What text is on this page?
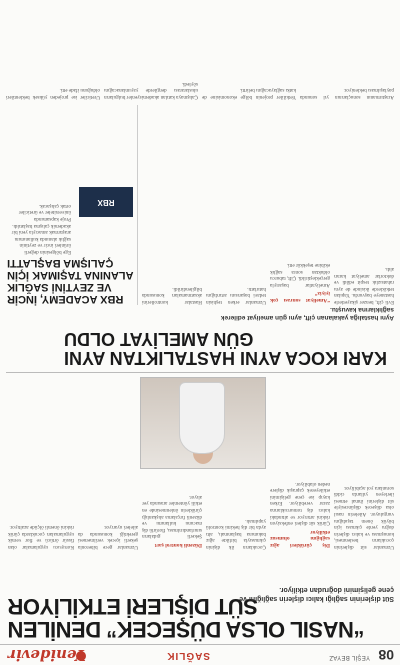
08
YEŞİL BEYAZ
SAĞLIK
Yenidevir
“NASIL OLSA DÜŞECEK” DENİLEN SÜT DİŞLERİ ETKİLİYOR
Süt dişlerinin sağlığı kalıcı dişlerin sağlığını ve çene gelişimini doğrudan etkiliyor.
Uzmanlar süt dişlerinin çocukların beslenmesi, konuşması ve kalıcı dişlerin doğru yerde çıkması için büyük önem taşıdığını vurguluyor. Ailelerin nasıl olsa düşecek düşüncesiyle süt dişlerini ihmal etmesi ilerleyen yıllarda ciddi sorunlara yol açabiliyor.
Diş çürükleri ağız sağlığını olumsuz etkiliyor
Çürük süt dişleri enfeksiyon riskini artırıyor ve altındaki kalıcı diş tomurcuklarına zarar verebiliyor. Erken kayıp ise çene gelişimini etkileyerek çapraşık dişlere neden olabiliyor.
Çocukların ilk dişinin çıkmasıyla birlikte ağız bakımına başlanmalı, altı ayda bir diş hekimi kontrolü yapılmalı.
Düzenli kontrol şart
Şekerli gıdaların sınırlandırılması, florürlü diş macunu kullanımı ve düzenli fırçalama alışkanlığı çürüklerin önlenmesinde en etkili yöntemler arasında yer alıyor.
Uzmanlar gece biberonla şekerli içecek verilmemesi gerektiği konusunda da aileleri uyarıyor.
Koruyucu uygulamalar olan fissür örtücü ve flor vernik uygulamaları çocuklarda çürük riskini önemli ölçüde azaltıyor.
KARI KOCA AYNI HASTALIKTAN AYNI GÜN AMELİYAT OLDU
Aynı hastalığa yakalanan çift, aynı gün ameliyat edilerek sağlıklarına kavuştu.
Evli çift, benzer şikayetlerle hastaneye başvurdu. Yapılan tetkiklerde ikisinde de aynı rahatsızlık tespit edildi ve doktorlar ameliyat kararı aldı.
“Ameliyat sonrası çok iyiyiz”
Ameliyatlar başarıyla gerçekleştirildi. Çift, taburcu olduktan sonra sağlık ekibine teşekkür etti.
Uzmanlar erken teşhisin tedavi başarısını artırdığını hatırlattı.
Hastalar kontrollerini aksatmamaları konusunda bilgilendirildi.
RBX ACADEMY, İNCİR VE ZEYTİNİ SAĞLIK ALANINA TAŞIMAK İÇİN ÇALIŞMA BAŞLATTI
Ege bölgesinin değerli ürünleri incir ve zeytinin sağlık alanında kullanımını araştırmak amacıyla yeni bir akademik çalışma başlatıldı. Proje kapsamında üniversiteler ve üreticiler ortak çalışacak.	RBX
Araştırmanın sonuçlarının yıl sonunda paylaşılması bekleniyor.
Yetkililer projenin bölge ekonomisine de katkı sağlayacağını belirtti.
Çalışmaya katılan akademisyenler bulguların uluslararası dergilerde yayımlanacağını söyledi.
Üreticiler ise projeden yüksek beklentileri olduğunu ifade etti.
